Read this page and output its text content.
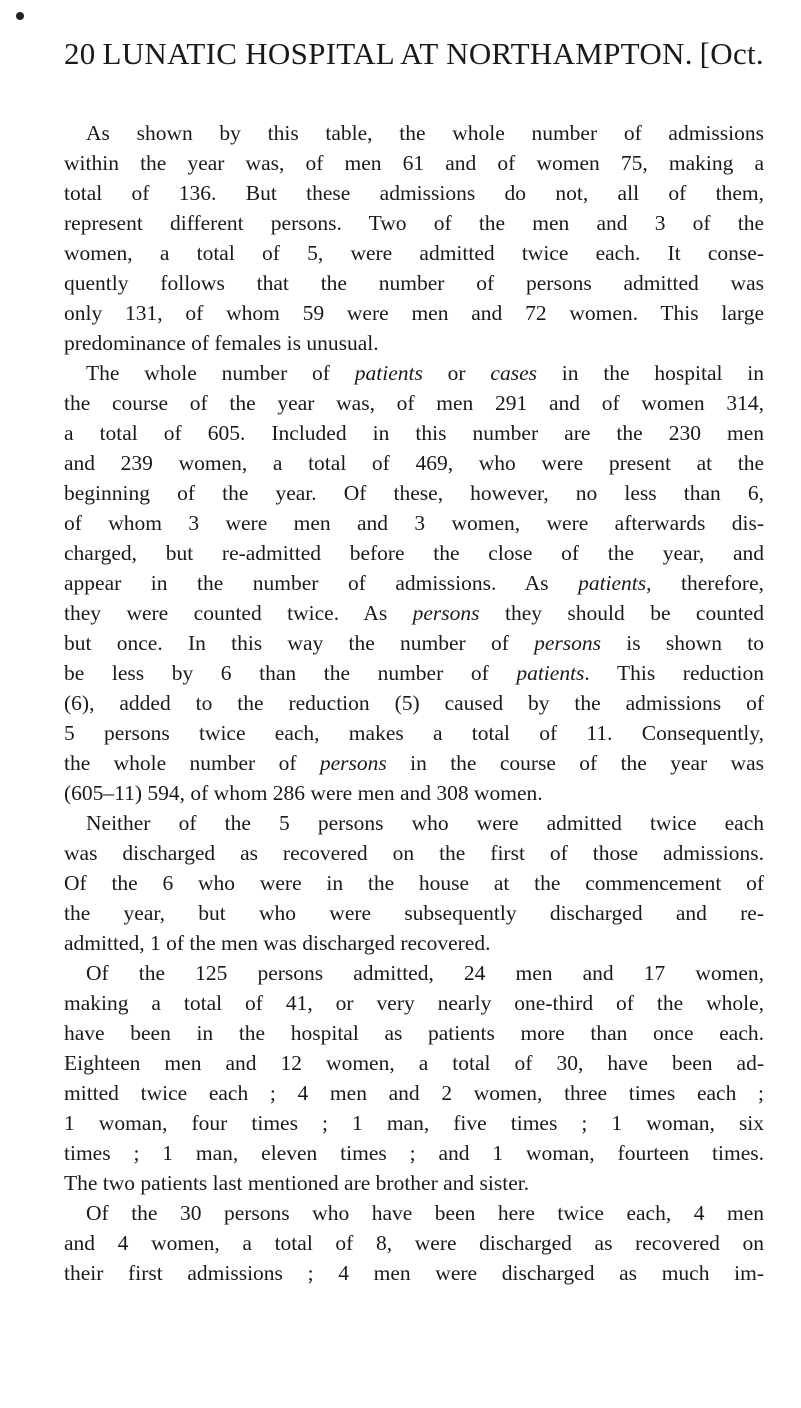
20 LUNATIC HOSPITAL AT NORTHAMPTON. [Oct.
As shown by this table, the whole number of admissions
within the year was, of men 61 and of women 75, making a
total of 136. But these admissions do not, all of them,
represent different persons. Two of the men and 3 of the
women, a total of 5, were admitted twice each. It conse-
quently follows that the number of persons admitted was
only 131, of whom 59 were men and 72 women. This large
predominance of females is unusual.
The whole number of patients or cases in the hospital in
the course of the year was, of men 291 and of women 314,
a total of 605. Included in this number are the 230 men
and 239 women, a total of 469, who were present at the
beginning of the year. Of these, however, no less than 6,
of whom 3 were men and 3 women, were afterwards dis-
charged, but re-admitted before the close of the year, and
appear in the number of admissions. As patients, therefore,
they were counted twice. As persons they should be counted
but once. In this way the number of persons is shown to
be less by 6 than the number of patients. This reduction
(6), added to the reduction (5) caused by the admissions of
5 persons twice each, makes a total of 11. Consequently,
the whole number of persons in the course of the year was
(605–11) 594, of whom 286 were men and 308 women.
Neither of the 5 persons who were admitted twice each
was discharged as recovered on the first of those admissions.
Of the 6 who were in the house at the commencement of
the year, but who were subsequently discharged and re-
admitted, 1 of the men was discharged recovered.
Of the 125 persons admitted, 24 men and 17 women,
making a total of 41, or very nearly one-third of the whole,
have been in the hospital as patients more than once each.
Eighteen men and 12 women, a total of 30, have been ad-
mitted twice each ; 4 men and 2 women, three times each ;
1 woman, four times ; 1 man, five times ; 1 woman, six
times ; 1 man, eleven times ; and 1 woman, fourteen times.
The two patients last mentioned are brother and sister.
Of the 30 persons who have been here twice each, 4 men
and 4 women, a total of 8, were discharged as recovered on
their first admissions ; 4 men were discharged as much im-
